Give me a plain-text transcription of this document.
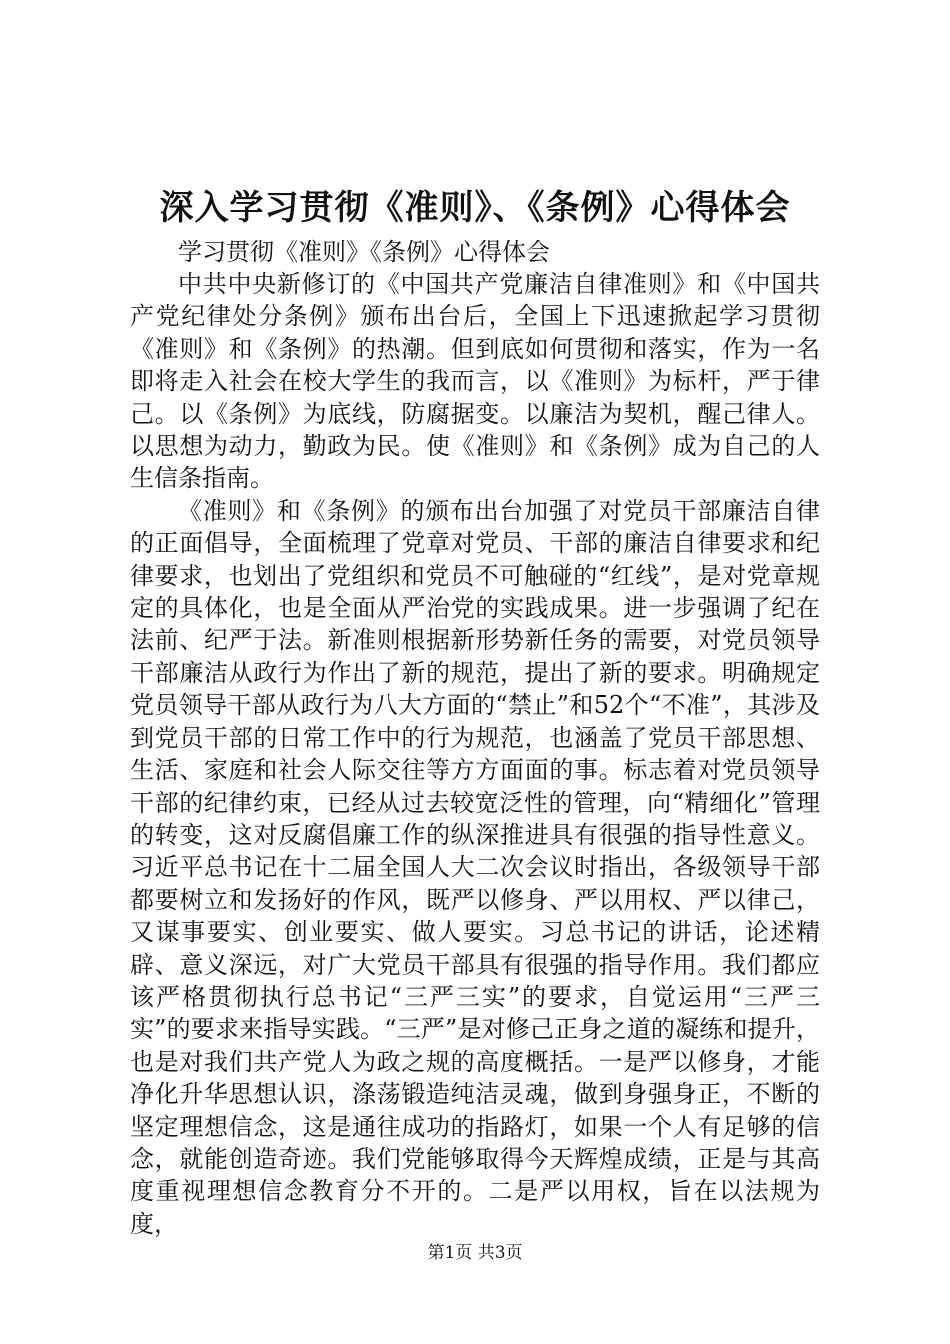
深入学习贯彻《准则》、《条例》心得体会

学习贯彻《准则》《条例》心得体会

中共中央新修订的《中国共产党廉洁自律准则》和《中国共产党纪律处分条例》颁布出台后，全国上下迅速掀起学习贯彻《准则》和《条例》的热潮。但到底如何贯彻和落实，作为一名即将走入社会在校大学生的我而言，以《准则》为标杆，严于律己。以《条例》为底线，防腐据变。以廉洁为契机，醒己律人。以思想为动力，勤政为民。使《准则》和《条例》成为自己的人生信条指南。

《准则》和《条例》的颁布出台加强了对党员干部廉洁自律的正面倡导，全面梳理了党章对党员、干部的廉洁自律要求和纪律要求，也划出了党组织和党员不可触碰的“红线”，是对党章规定的具体化，也是全面从严治党的实践成果。进一步强调了纪在法前、纪严于法。新准则根据新形势新任务的需要，对党员领导干部廉洁从政行为作出了新的规范，提出了新的要求。明确规定党员领导干部从政行为八大方面的“禁止”和52个“不准”，其涉及到党员干部的日常工作中的行为规范，也涵盖了党员干部思想、生活、家庭和社会人际交往等方方面面的事。标志着对党员领导干部的纪律约束，已经从过去较宽泛性的管理，向“精细化”管理的转变，这对反腐倡廉工作的纵深推进具有很强的指导性意义。习近平总书记在十二届全国人大二次会议时指出，各级领导干部都要树立和发扬好的作风，既严以修身、严以用权、严以律己，又谋事要实、创业要实、做人要实。习总书记的讲话，论述精辟、意义深远，对广大党员干部具有很强的指导作用。我们都应该严格贯彻执行总书记“三严三实”的要求，自觉运用“三严三实”的要求来指导实践。“三严”是对修己正身之道的凝练和提升，也是对我们共产党人为政之规的高度概括。一是严以修身，才能净化升华思想认识，涤荡锻造纯洁灵魂，做到身强身正，不断的坚定理想信念，这是通往成功的指路灯，如果一个人有足够的信念，就能创造奇迹。我们党能够取得今天辉煌成绩，正是与其高度重视理想信念教育分不开的。二是严以用权，旨在以法规为度，

第1页 共3页
